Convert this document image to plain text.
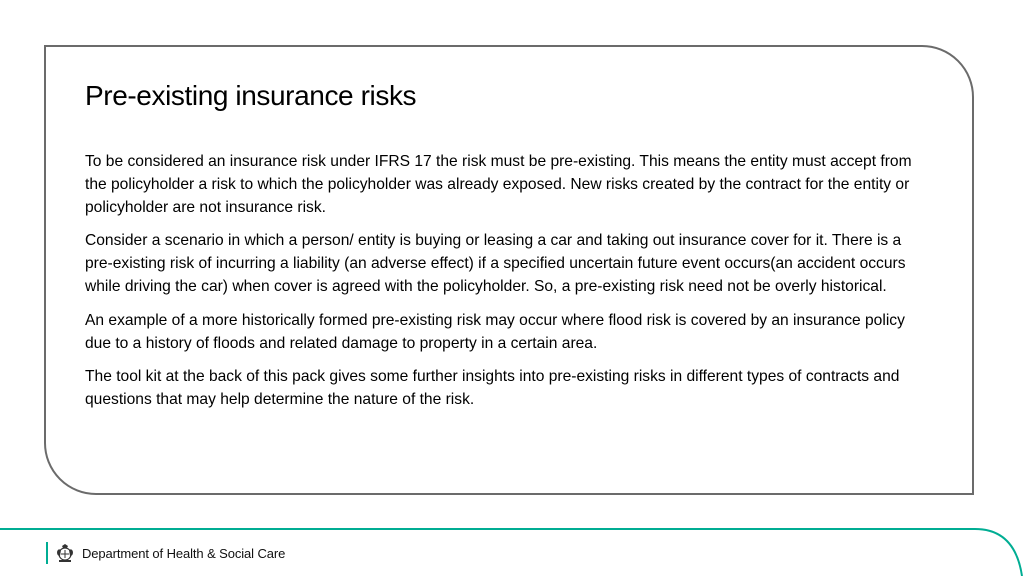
Pre-existing insurance risks

To be considered an insurance risk under IFRS 17 the risk must be pre-existing. This means the entity must accept from the policyholder a risk to which the policyholder was already exposed. New risks created by the contract for the entity or policyholder are not insurance risk.

Consider a scenario in which a person/ entity is buying or leasing a car and taking out insurance cover for it. There is a pre-existing risk of incurring a liability (an adverse effect) if a specified uncertain future event occurs(an accident occurs while driving the car) when cover is agreed with the policyholder. So, a pre-existing risk need not be overly historical.

An example of a more historically formed pre-existing risk may occur where flood risk is covered by an insurance policy due to a history of floods and related damage to property in a certain area.

The tool kit at the back of this pack gives some further insights into pre-existing risks in different types of contracts and questions that may help determine the nature of the risk.

Department of Health & Social Care
